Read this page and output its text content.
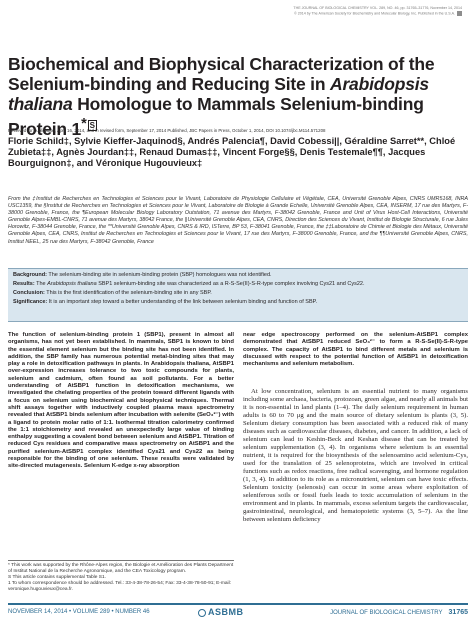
THE JOURNAL OF BIOLOGICAL CHEMISTRY VOL. 289, NO. 46, pp. 31765–31776, November 14, 2014
© 2014 by The American Society for Biochemistry and Molecular Biology, Inc. Published in the U.S.A.
Biochemical and Biophysical Characterization of the Selenium-binding and Reducing Site in Arabidopsis thaliana Homologue to Mammals Selenium-binding Protein 1* S
Received for publication, April 16, 2014, and in revised form, September 17, 2014 Published, JBC Papers in Press, October 1, 2014, DOI 10.1074/jbc.M114.571208
Florie Schild‡, Sylvie Kieffer-Jaquinod§, Andrés Palencia¶, David Cobessi||, Géraldine Sarret**, Chloé Zubieta‡‡, Agnès Jourdan‡‡, Renaud Dumas‡‡, Vincent Forge§§, Denis Testemale¶¶, Jacques Bourguignon‡, and Véronique Hugouvieux‡
From the ‡Institut de Recherches en Technologies et Sciences pour le Vivant, Laboratoire de Physiologie Cellulaire et Végétale, CEA, Université Grenoble Alpes, CNRS UMR5168, INRA USC1359, the §Institut de Recherches en Technologies et Sciences pour le Vivant, Laboratoire de Biologie à Grande Echelle, Université Grenoble Alpes, CEA, INSERM, 17 rue des Martyrs, F-38000 Grenoble, France, the ¶European Molecular Biology Laboratory Outstation, 71 avenue des Martyrs, F-38042 Grenoble, France and Unit of Virus Host-Cell Interactions, Université Grenoble Alpes-EMBL-CNRS, 71 avenue des Martyrs, 38042 France, the ||Université Grenoble Alpes, CEA, CNRS, Direction des Sciences du Vivant, Institut de Biologie Structurale, 6 rue Jules Horowitz, F-38044 Grenoble, France, the **Université Grenoble Alpes, CNRS & IRD, ISTerre, BP 53, F-38041 Grenoble, France, the ‡‡Laboratoire de Chimie et Biologie des Métaux, Université Grenoble Alpes, CEA, CNRS, Institut de Recherches en Technologies et Sciences pour le Vivant, 17 rue des Martyrs, F-38000 Grenoble, France, and the ¶¶Université Grenoble Alpes, CNRS, Institut NEEL, 25 rue des Martyrs, F-38042 Grenoble, France

Background: The selenium-binding site in selenium-binding protein (SBP) homologues was not identified.

Results: The Arabidopsis thaliana SBP1 selenium-binding site was characterized as a R-S-Se(II)-S-R-type complex involving Cys21 and Cys22.

Conclusion: This is the first identification of the selenium-binding site in any SBP.

Significance: It is an important step toward a better understanding of the link between selenium binding and function of SBP.

The function of selenium-binding protein 1 (SBP1), present in almost all organisms, has not yet been established. In mammals, SBP1 is known to bind the essential element selenium but the binding site has not been identified. In addition, the SBP family has numerous potential metal-binding sites that may play a role in detoxification pathways in plants. In Arabidopsis thaliana, AtSBP1 over-expression increases tolerance to two toxic compounds for plants, selenium and cadmium, often found as soil pollutants. For a better understanding of AtSBP1 function in detoxification mechanisms, we investigated the chelating properties of the protein toward different ligands with a focus on selenium using biochemical and biophysical techniques. Thermal shift assays together with inductively coupled plasma mass spectrometry revealed that AtSBP1 binds selenium after incubation with selenite (SeO₃²⁻) with a ligand to protein molar ratio of 1:1. Isothermal titration calorimetry confirmed the 1:1 stoichiometry and revealed an unexpectedly large value of binding enthalpy suggesting a covalent bond between selenium and AtSBP1. Titration of reduced Cys residues and comparative mass spectrometry on AtSBP1 and the purified selenium-AtSBP1 complex identified Cys21 and Cys22 as being responsible for the binding of one selenium. These results were validated by site-directed mutagenesis. Selenium K-edge x-ray absorption

near edge spectroscopy performed on the selenium-AtSBP1 complex demonstrated that AtSBP1 reduced SeO₃²⁻ to form a R-S-Se(II)-S-R-type complex. The capacity of AtSBP1 to bind different metals and selenium is discussed with respect to the potential function of AtSBP1 in detoxification mechanisms and selenium metabolism.

At low concentration, selenium is an essential nutrient to many organisms including some archaea, bacteria, protozoan, green algae, and nearly all animals but it is non-essential in land plants (1–4). The daily selenium requirement in human adults is 60 to 70 μg and the main source of dietary selenium is plants (3, 5). Selenium dietary consumption has been associated with a reduced risk of many diseases such as cardiovascular diseases, diabetes, and cancer. In addition, a lack of selenium can lead to Keshin-Beck and Keshan disease that can be treated by selenium supplementation (3, 4). In organisms where selenium is an essential nutrient, it is required for the biosynthesis of the selenoamino acid selenium-Cys, used for the translation of 25 selenoproteins, which are involved in critical functions such as redox reactions, free radical scavenging, and hormone regulation (1, 3, 4). In addition to its role as a micronutrient, selenium can have toxic effects. Selenium toxicity (selenosis) can occur in some areas where exploitation of seleniferous soils or fossil fuels leads to toxic accumulation of selenium in the environment and in plants. In mammals, excess selenium targets the cardiovascular, gastrointestinal, neurological, and hematopoietic systems (3, 5–7). As the line between selenium deficiency

* This work was supported by the Rhône-Alpes region, the Biologie et Amélioration des Plants Department of Institut National de la Recherche Agronomique, and the CEA Toxicology program.
S This article contains supplemental Table S1.
1 To whom correspondence should be addressed. Tel.: 33-4-38-78-26-54; Fax: 33-4-38-78-50-91; E-mail: veronique.hugouvieux@cea.fr.
NOVEMBER 14, 2014 • VOLUME 289 • NUMBER 46	ASBMB	JOURNAL OF BIOLOGICAL CHEMISTRY 31765
